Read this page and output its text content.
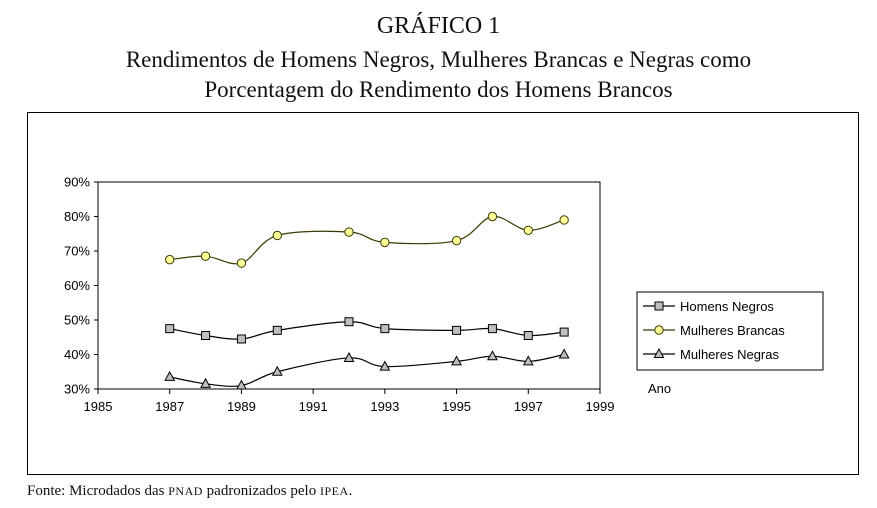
GRÁFICO 1
Rendimentos de Homens Negros, Mulheres Brancas e Negras como
Porcentagem do Rendimento dos Homens Brancos
30%
40%
50%
60%
70%
80%
90%
1985	1987	1989	1991	1993	1995	1997	1999
Ano
Homens Negros
Mulheres Brancas
Mulheres Negras
Fonte: Microdados das PNAD padronizados pelo IPEA.
